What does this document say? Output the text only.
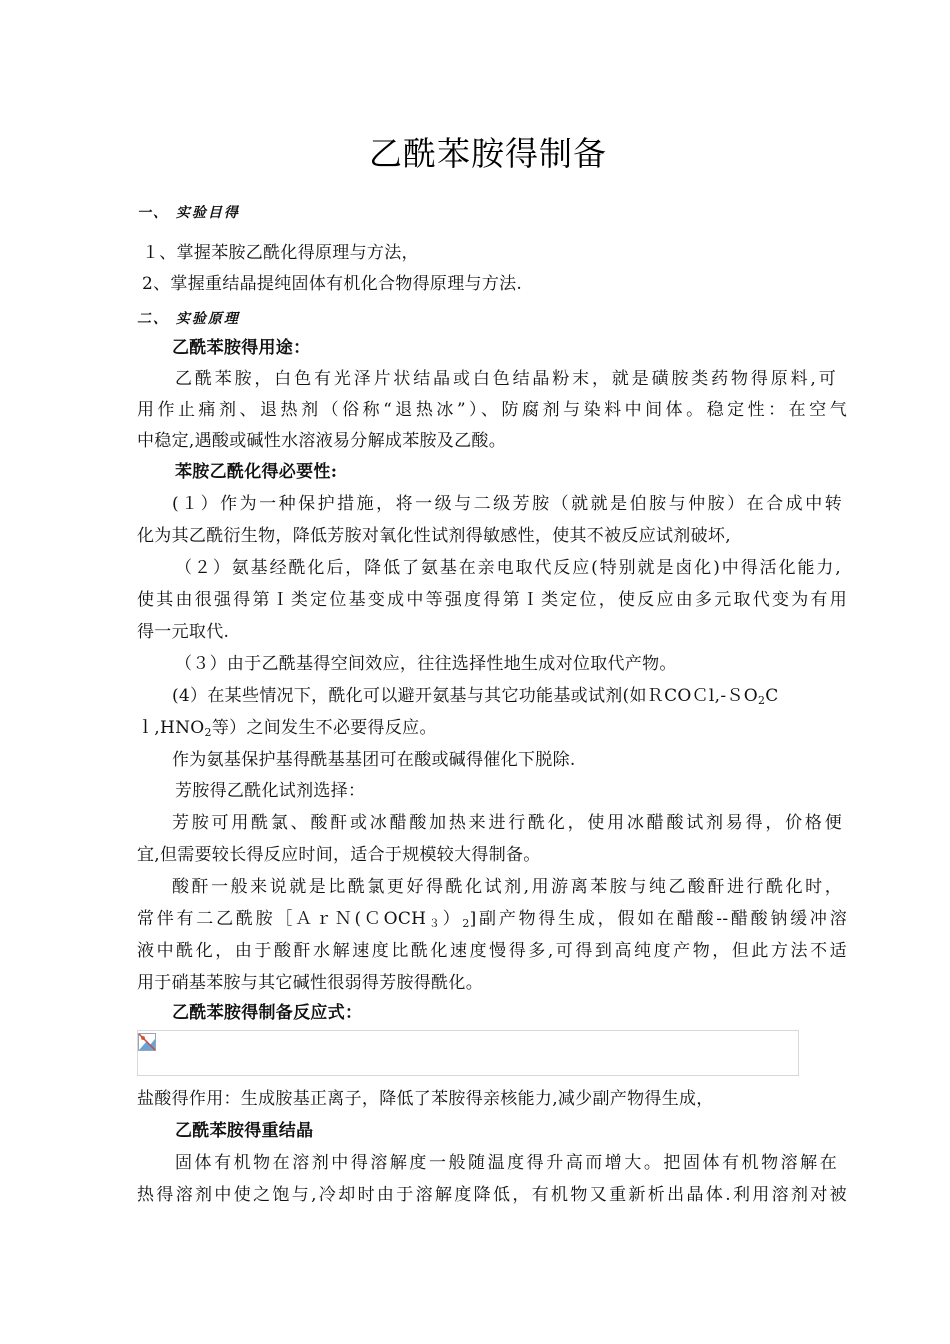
乙酰苯胺得制备
一、 实验目得
１、掌握苯胺乙酰化得原理与方法，
2、掌握重结晶提纯固体有机化合物得原理与方法.
二、 实验原理
乙酰苯胺得用途：
乙酰苯胺，白色有光泽片状结晶或白色结晶粉末，就是磺胺类药物得原料,可
用作止痛剂、退热剂（俗称“退热冰”）、防腐剂与染料中间体。稳定性：在空气
中稳定,遇酸或碱性水溶液易分解成苯胺及乙酸。
苯胺乙酰化得必要性:
(１）作为一种保护措施，将一级与二级芳胺（就就是伯胺与仲胺）在合成中转
化为其乙酰衍生物，降低芳胺对氧化性试剂得敏感性，使其不被反应试剂破坏,
（２）氨基经酰化后，降低了氨基在亲电取代反应(特别就是卤化)中得活化能力,
使其由很强得第Ｉ类定位基变成中等强度得第Ｉ类定位，使反应由多元取代变为有用
得一元取代.
（３）由于乙酰基得空间效应，往往选择性地生成对位取代产物。
(4）在某些情况下，酰化可以避开氨基与其它功能基或试剂(如ＲCOＣl,-ＳO$_2$C
$l,HNO_2$等）之间发生不必要得反应。
作为氨基保护基得酰基基团可在酸或碱得催化下脱除.
芳胺得乙酰化试剂选择：
芳胺可用酰氯、酸酐或冰醋酸加热来进行酰化，使用冰醋酸试剂易得，价格便
宜,但需要较长得反应时间，适合于规模较大得制备。
酸酐一般来说就是比酰氯更好得酰化试剂,用游离苯胺与纯乙酸酐进行酰化时，
常伴有二乙酰胺$[ArN(COCH_3)_2$]副产物得生成，假如在醋酸--醋酸钠缓冲溶
液中酰化，由于酸酐水解速度比酰化速度慢得多,可得到高纯度产物，但此方法不适
用于硝基苯胺与其它碱性很弱得芳胺得酰化。
乙酰苯胺得制备反应式：
盐酸得作用：生成胺基正离子，降低了苯胺得亲核能力,减少副产物得生成，
乙酰苯胺得重结晶
固体有机物在溶剂中得溶解度一般随温度得升高而增大。把固体有机物溶解在
热得溶剂中使之饱与,冷却时由于溶解度降低，有机物又重新析出晶体.利用溶剂对被
